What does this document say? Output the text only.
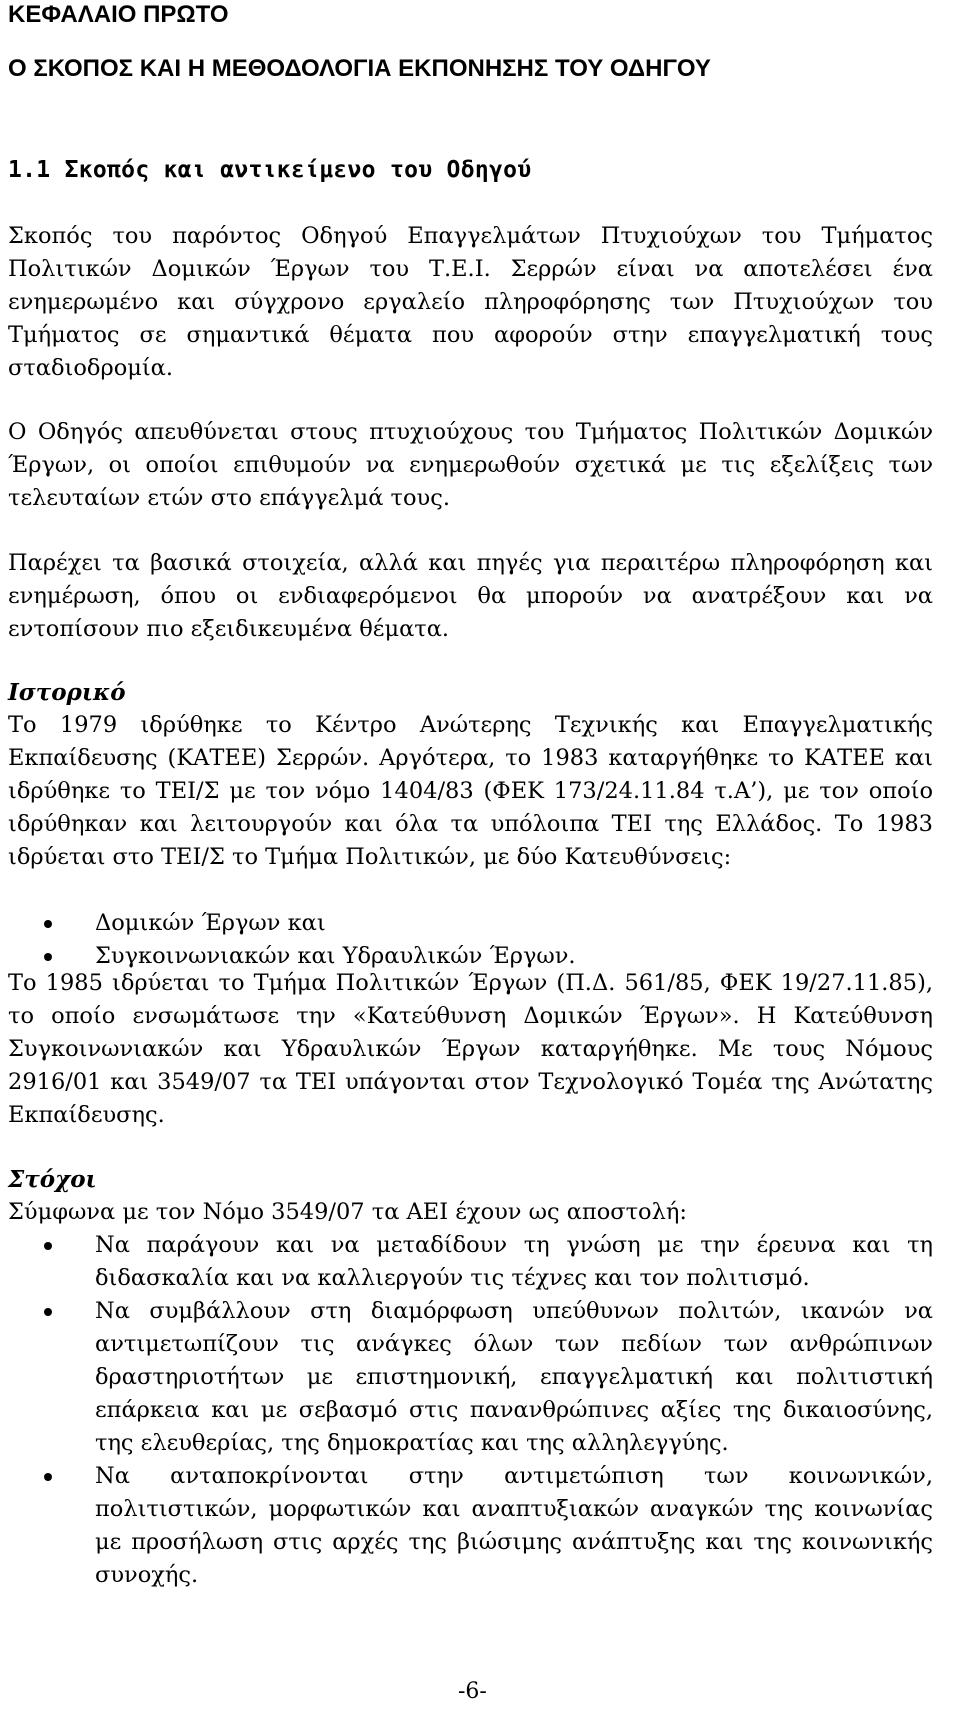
ΚΕΦΑΛΑΙΟ ΠΡΩΤΟ
Ο ΣΚΟΠΟΣ ΚΑΙ Η ΜΕΘΟΔΟΛΟΓΙΑ ΕΚΠΟΝΗΣΗΣ ΤΟΥ ΟΔΗΓΟΥ
1.1 Σκοπός και αντικείμενο του Οδηγού

Σκοπός του παρόντος Οδηγού Επαγγελμάτων Πτυχιούχων του Τμήματος Πολιτικών Δομικών Έργων του Τ.Ε.Ι. Σερρών είναι να αποτελέσει ένα ενημερωμένο και σύγχρονο εργαλείο πληροφόρησης των Πτυχιούχων του Τμήματος σε σημαντικά θέματα που αφορούν στην επαγγελματική τους σταδιοδρομία.

Ο Οδηγός απευθύνεται στους πτυχιούχους του Τμήματος Πολιτικών Δομικών Έργων, οι οποίοι επιθυμούν να ενημερωθούν σχετικά με τις εξελίξεις των τελευταίων ετών στο επάγγελμά τους.

Παρέχει τα βασικά στοιχεία, αλλά και πηγές για περαιτέρω πληροφόρηση και ενημέρωση, όπου οι ενδιαφερόμενοι θα μπορούν να ανατρέξουν και να εντοπίσουν πιο εξειδικευμένα θέματα.

Ιστορικό

Το 1979 ιδρύθηκε το Κέντρο Ανώτερης Τεχνικής και Επαγγελματικής Εκπαίδευσης (ΚΑΤΕΕ) Σερρών. Αργότερα, το 1983 καταργήθηκε το ΚΑΤΕΕ και ιδρύθηκε το ΤΕΙ/Σ με τον νόμο 1404/83 (ΦΕΚ 173/24.11.84 τ.Α’), με τον οποίο ιδρύθηκαν και λειτουργούν και όλα τα υπόλοιπα ΤΕΙ της Ελλάδος. Το 1983 ιδρύεται στο ΤΕΙ/Σ το Τμήμα Πολιτικών, με δύο Κατευθύνσεις:

Δομικών Έργων και
Συγκοινωνιακών και Υδραυλικών Έργων.

Το 1985 ιδρύεται το Τμήμα Πολιτικών Έργων (Π.Δ. 561/85, ΦΕΚ 19/27.11.85), το οποίο ενσωμάτωσε την «Κατεύθυνση Δομικών Έργων». Η Κατεύθυνση Συγκοινωνιακών και Υδραυλικών Έργων καταργήθηκε. Με τους Νόμους 2916/01 και 3549/07 τα ΤΕΙ υπάγονται στον Τεχνολογικό Τομέα της Ανώτατης Εκπαίδευσης.

Στόχοι

Σύμφωνα με τον Νόμο 3549/07 τα ΑΕΙ έχουν ως αποστολή:

Να παράγουν και να μεταδίδουν τη γνώση με την έρευνα και τη διδασκαλία και να καλλιεργούν τις τέχνες και τον πολιτισμό.
Να συμβάλλουν στη διαμόρφωση υπεύθυνων πολιτών, ικανών να αντιμετωπίζουν τις ανάγκες όλων των πεδίων των ανθρώπινων δραστηριοτήτων με επιστημονική, επαγγελματική και πολιτιστική επάρκεια και με σεβασμό στις πανανθρώπινες αξίες της δικαιοσύνης, της ελευθερίας, της δημοκρατίας και της αλληλεγγύης.
Να ανταποκρίνονται στην αντιμετώπιση των κοινωνικών, πολιτιστικών, μορφωτικών και αναπτυξιακών αναγκών της κοινωνίας με προσήλωση στις αρχές της βιώσιμης ανάπτυξης και της κοινωνικής συνοχής.
-6-
